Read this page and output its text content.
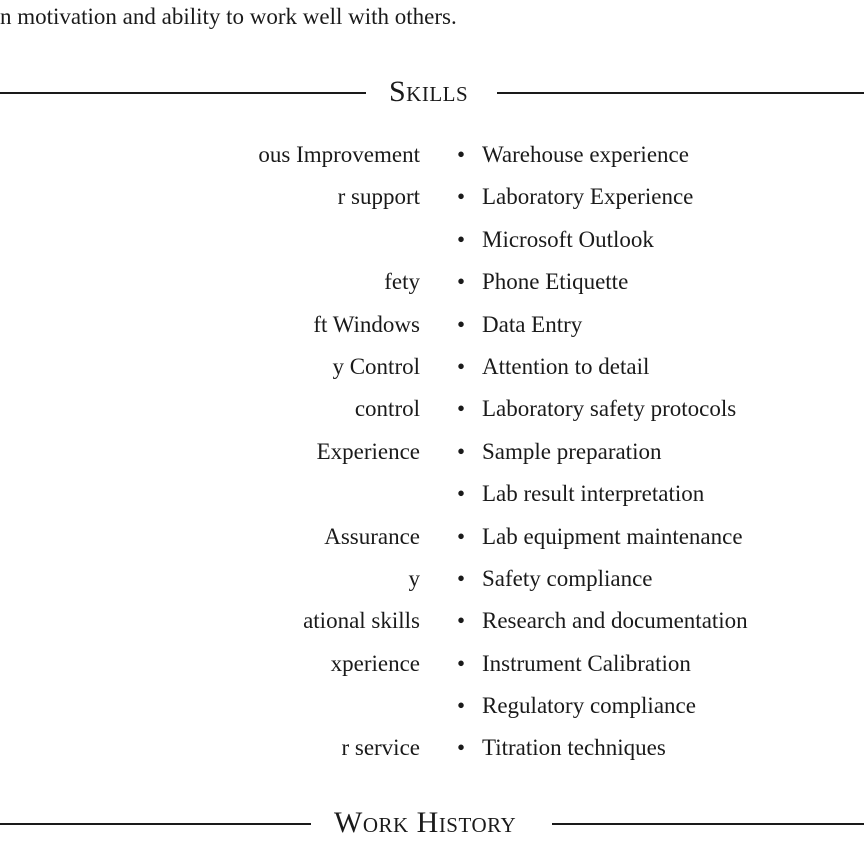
n motivation and ability to work well with others.

Skills
ous Improvement
r support
fety
ft Windows
y Control
control
Experience
Assurance
y
ational skills
xperience
r service
• Warehouse experience
• Laboratory Experience
• Microsoft Outlook
• Phone Etiquette
• Data Entry
• Attention to detail
• Laboratory safety protocols
• Sample preparation
• Lab result interpretation
• Lab equipment maintenance
• Safety compliance
• Research and documentation
• Instrument Calibration
• Regulatory compliance
• Titration techniques
Work History
